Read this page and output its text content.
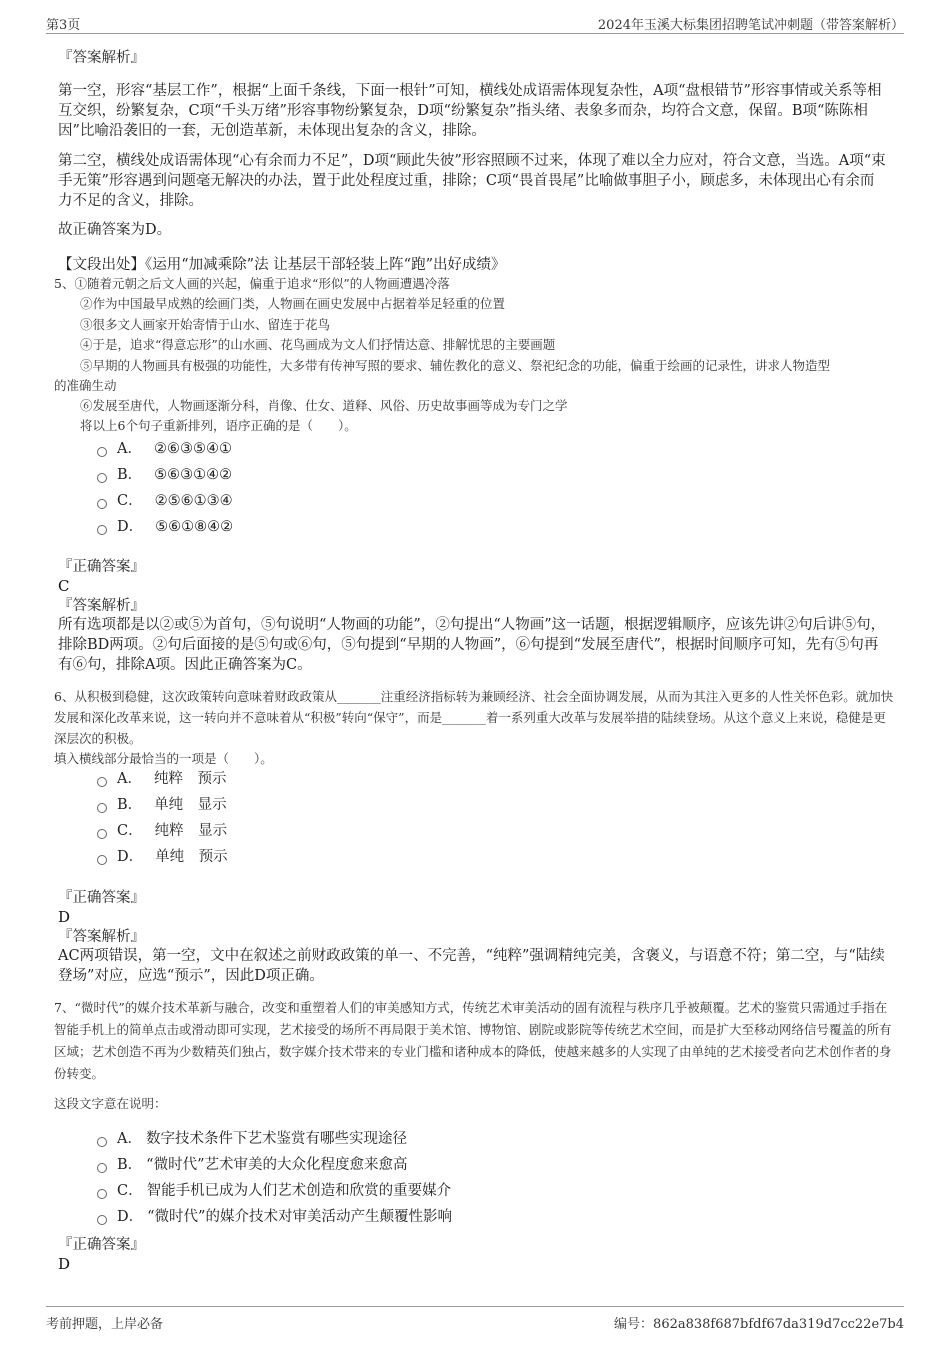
第3页	2024年玉溪大标集团招聘笔试冲刺题（带答案解析）
『答案解析』
第一空，形容“基层工作”，根据“上面千条线，下面一根针”可知，横线处成语需体现复杂性，A项“盘根错节”形容事情或关系等相互交织，纷繁复杂，C项“千头万绪”形容事物纷繁复杂，D项“纷繁复杂”指头绪、表象多而杂，均符合文意，保留。B项“陈陈相因”比喻沿袭旧的一套，无创造革新，未体现出复杂的含义，排除。
第二空，横线处成语需体现“心有余而力不足”，D项“顾此失彼”形容照顾不过来，体现了难以全力应对，符合文意，当选。A项“束手无策”形容遇到问题毫无解决的办法，置于此处程度过重，排除；C项“畏首畏尾”比喻做事胆子小，顾虑多，未体现出心有余而力不足的含义，排除。
故正确答案为D。
【文段出处】《运用“加减乘除”法 让基层干部轻装上阵“跑”出好成绩》
5、①随着元朝之后文人画的兴起，偏重于追求“形似”的人物画遭遇冷落
②作为中国最早成熟的绘画门类，人物画在画史发展中占据着举足轻重的位置
③很多文人画家开始寄情于山水、留连于花鸟
④于是，追求“得意忘形”的山水画、花鸟画成为文人们抒情达意、排解忧思的主要画题
⑤早期的人物画具有极强的功能性，大多带有传神写照的要求、辅佐教化的意义、祭祀纪念的功能，偏重于绘画的记录性，讲求人物造型
的准确生动
⑥发展至唐代，人物画逐渐分科，肖像、仕女、道释、风俗、历史故事画等成为专门之学
将以上6个句子重新排列，语序正确的是（　　）。
A． ②⑥③⑤④①
B． ⑤⑥③①④②
C． ②⑤⑥①③④
D． ⑤⑥①⑧④②
『正确答案』
C
『答案解析』
所有选项都是以②或⑤为首句，⑤句说明“人物画的功能”，②句提出“人物画”这一话题，根据逻辑顺序，应该先讲②句后讲⑤句，排除BD两项。②句后面接的是⑤句或⑥句，⑤句提到“早期的人物画”，⑥句提到“发展至唐代”，根据时间顺序可知，先有⑤句再有⑥句，排除A项。因此正确答案为C。
6、从积极到稳健，这次政策转向意味着财政政策从_______注重经济指标转为兼顾经济、社会全面协调发展，从而为其注入更多的人性关怀色彩。就加快发展和深化改革来说，这一转向并不意味着从“积极”转向“保守”，而是_______着一系列重大改革与发展举措的陆续登场。从这个意义上来说，稳健是更深层次的积极。
填入横线部分最恰当的一项是（　　）。
A． 纯粹　预示
B． 单纯　显示
C． 纯粹　显示
D． 单纯　预示
『正确答案』
D
『答案解析』
AC两项错误，第一空，文中在叙述之前财政政策的单一、不完善，“纯粹”强调精纯完美，含褒义，与语意不符；第二空，与“陆续登场”对应，应选“预示”，因此D项正确。
7、“微时代”的媒介技术革新与融合，改变和重塑着人们的审美感知方式，传统艺术审美活动的固有流程与秩序几乎被颠覆。艺术的鉴赏只需通过手指在智能手机上的简单点击或滑动即可实现，艺术接受的场所不再局限于美术馆、博物馆、剧院或影院等传统艺术空间，而是扩大至移动网络信号覆盖的所有区域；艺术创造不再为少数精英们独占，数字媒介技术带来的专业门槛和诸种成本的降低，使越来越多的人实现了由单纯的艺术接受者向艺术创作者的身份转变。
这段文字意在说明：
A． 数字技术条件下艺术鉴赏有哪些实现途径
B． “微时代”艺术审美的大众化程度愈来愈高
C． 智能手机已成为人们艺术创造和欣赏的重要媒介
D． “微时代”的媒介技术对审美活动产生颠覆性影响
『正确答案』
D
考前押题，上岸必备	编号：862a838f687bfdf67da319d7cc22e7b4
